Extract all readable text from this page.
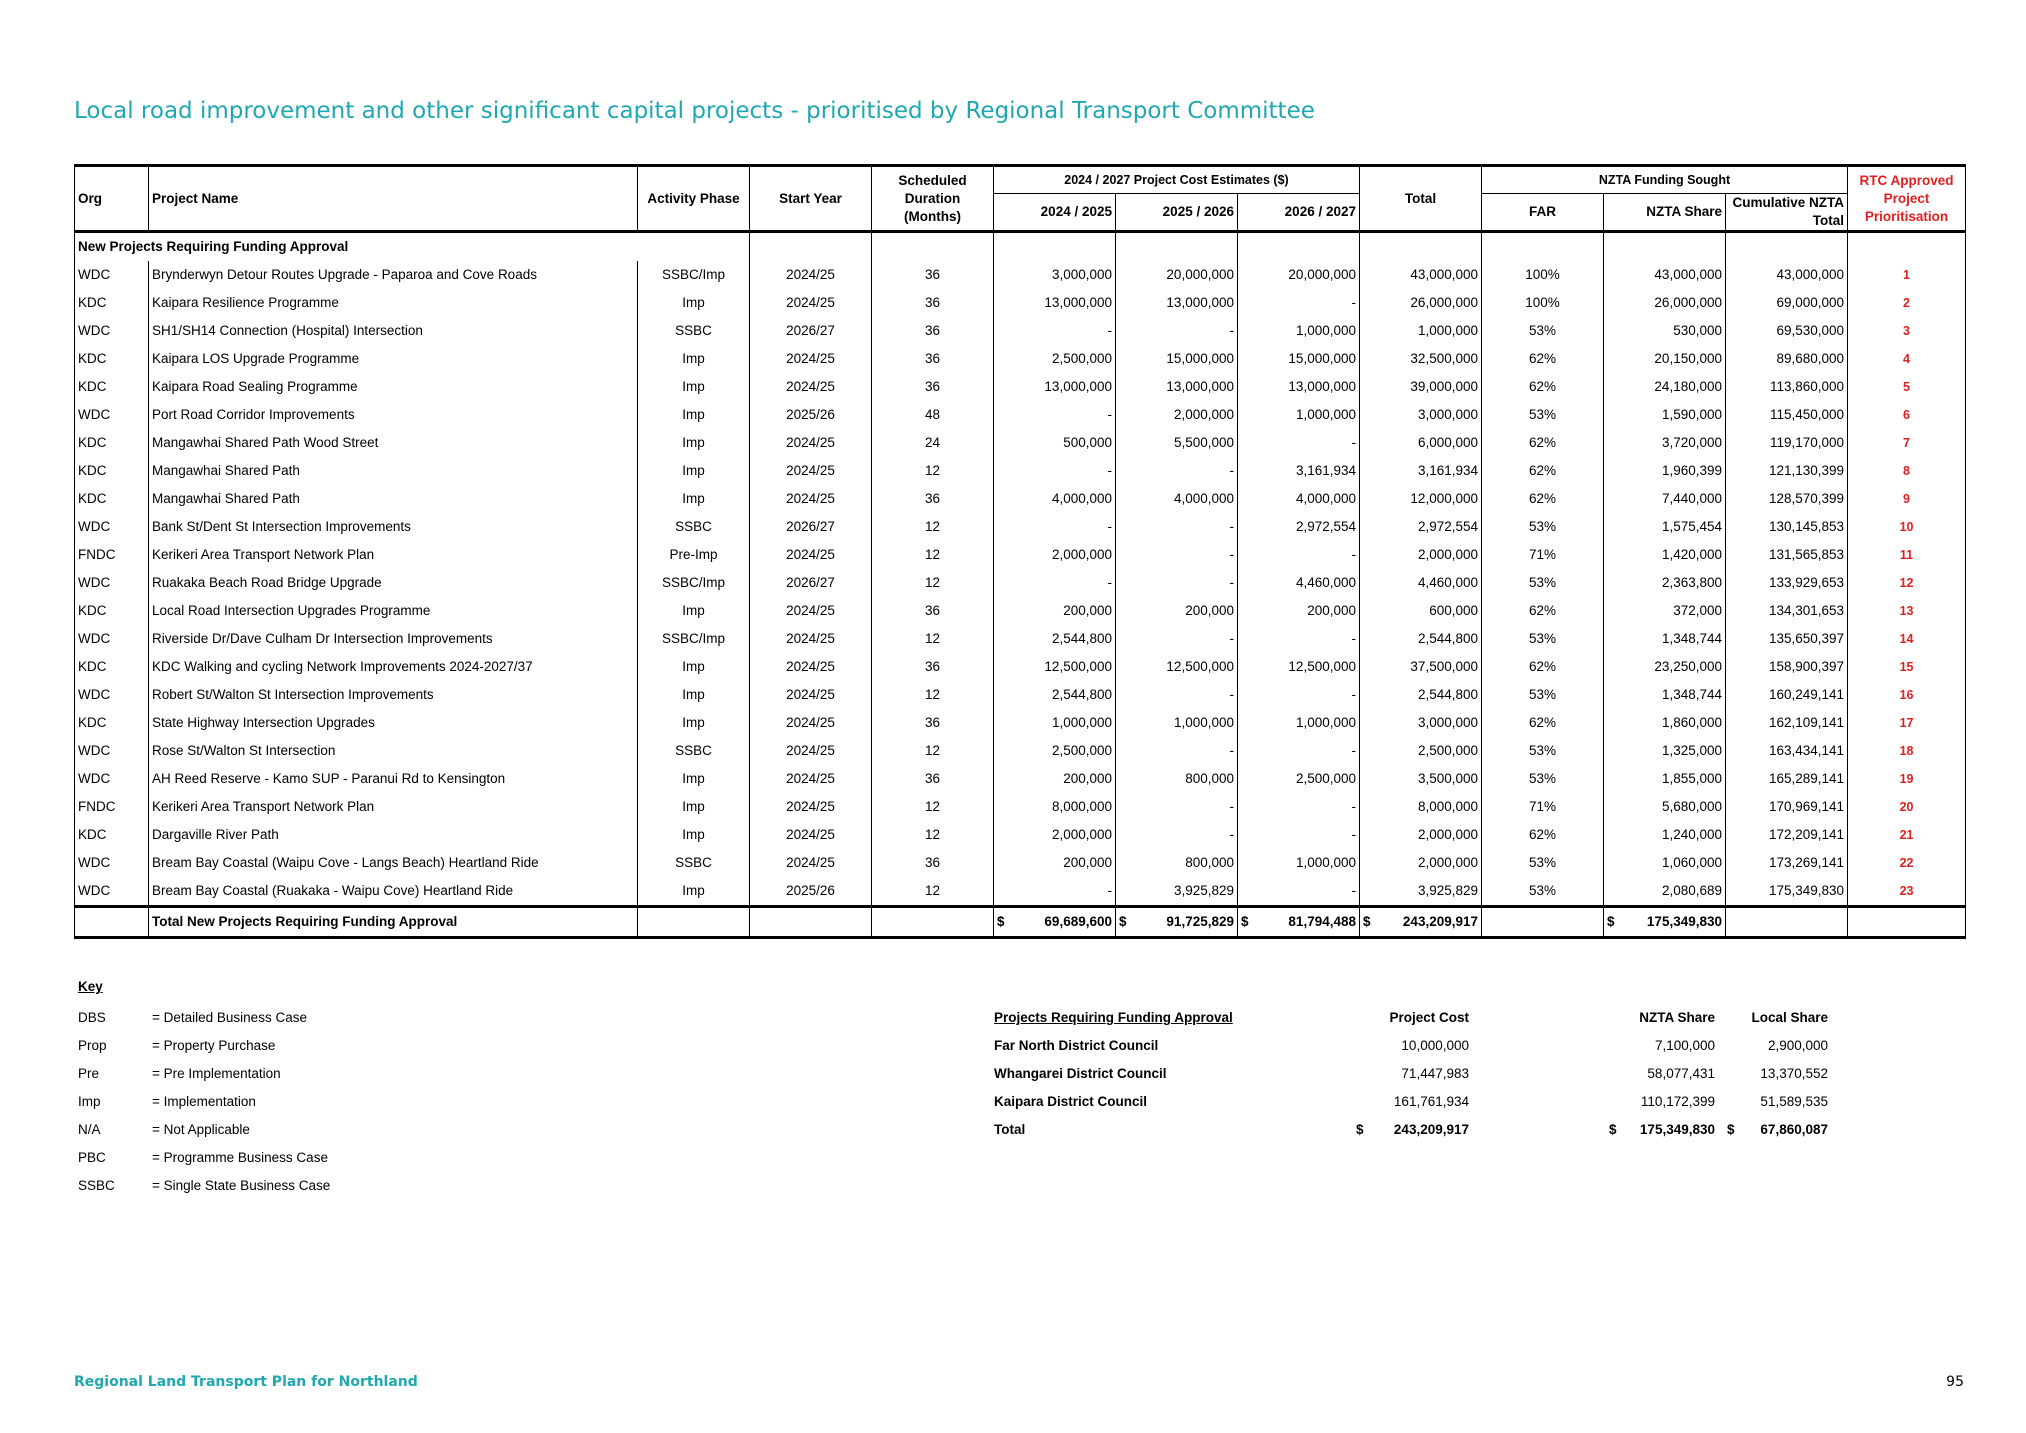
Local road improvement and other significant capital projects - prioritised by Regional Transport Committee
Org	Project Name	Activity Phase	Start Year	Scheduled Duration (Months)	2024 / 2027 Project Cost Estimates ($)			Total	NZTA Funding Sought			RTC Approved Project Prioritisation
					2024 / 2025	2025 / 2026	2026 / 2027		FAR	NZTA Share	Cumulative NZTA Total	
New Projects Requiring Funding Approval												
WDC	Brynderwyn Detour Routes Upgrade - Paparoa and Cove Roads	SSBC/Imp	2024/25	36	3,000,000	20,000,000	20,000,000	43,000,000	100%	43,000,000	43,000,000	1
KDC	Kaipara Resilience Programme	Imp	2024/25	36	13,000,000	13,000,000	-	26,000,000	100%	26,000,000	69,000,000	2
WDC	SH1/SH14 Connection (Hospital) Intersection	SSBC	2026/27	36	-	-	1,000,000	1,000,000	53%	530,000	69,530,000	3
KDC	Kaipara LOS Upgrade Programme	Imp	2024/25	36	2,500,000	15,000,000	15,000,000	32,500,000	62%	20,150,000	89,680,000	4
KDC	Kaipara Road Sealing Programme	Imp	2024/25	36	13,000,000	13,000,000	13,000,000	39,000,000	62%	24,180,000	113,860,000	5
WDC	Port Road Corridor Improvements	Imp	2025/26	48	-	2,000,000	1,000,000	3,000,000	53%	1,590,000	115,450,000	6
KDC	Mangawhai Shared Path Wood Street	Imp	2024/25	24	500,000	5,500,000	-	6,000,000	62%	3,720,000	119,170,000	7
KDC	Mangawhai Shared Path	Imp	2024/25	12	-	-	3,161,934	3,161,934	62%	1,960,399	121,130,399	8
KDC	Mangawhai Shared Path	Imp	2024/25	36	4,000,000	4,000,000	4,000,000	12,000,000	62%	7,440,000	128,570,399	9
WDC	Bank St/Dent St Intersection Improvements	SSBC	2026/27	12	-	-	2,972,554	2,972,554	53%	1,575,454	130,145,853	10
FNDC	Kerikeri Area Transport Network Plan	Pre-Imp	2024/25	12	2,000,000	-	-	2,000,000	71%	1,420,000	131,565,853	11
WDC	Ruakaka Beach Road Bridge Upgrade	SSBC/Imp	2026/27	12	-	-	4,460,000	4,460,000	53%	2,363,800	133,929,653	12
KDC	Local Road Intersection Upgrades Programme	Imp	2024/25	36	200,000	200,000	200,000	600,000	62%	372,000	134,301,653	13
WDC	Riverside Dr/Dave Culham Dr Intersection Improvements	SSBC/Imp	2024/25	12	2,544,800	-	-	2,544,800	53%	1,348,744	135,650,397	14
KDC	KDC Walking and cycling Network Improvements 2024-2027/37	Imp	2024/25	36	12,500,000	12,500,000	12,500,000	37,500,000	62%	23,250,000	158,900,397	15
WDC	Robert St/Walton St Intersection Improvements	Imp	2024/25	12	2,544,800	-	-	2,544,800	53%	1,348,744	160,249,141	16
KDC	State Highway Intersection Upgrades	Imp	2024/25	36	1,000,000	1,000,000	1,000,000	3,000,000	62%	1,860,000	162,109,141	17
WDC	Rose St/Walton St Intersection	SSBC	2024/25	12	2,500,000	-	-	2,500,000	53%	1,325,000	163,434,141	18
WDC	AH Reed Reserve - Kamo SUP - Paranui Rd to Kensington	Imp	2024/25	36	200,000	800,000	2,500,000	3,500,000	53%	1,855,000	165,289,141	19
FNDC	Kerikeri Area Transport Network Plan	Imp	2024/25	12	8,000,000	-	-	8,000,000	71%	5,680,000	170,969,141	20
KDC	Dargaville River Path	Imp	2024/25	12	2,000,000	-	-	2,000,000	62%	1,240,000	172,209,141	21
WDC	Bream Bay Coastal (Waipu Cove - Langs Beach) Heartland Ride	SSBC	2024/25	36	200,000	800,000	1,000,000	2,000,000	53%	1,060,000	173,269,141	22
WDC	Bream Bay Coastal (Ruakaka - Waipu Cove) Heartland Ride	Imp	2025/26	12	-	3,925,829	-	3,925,829	53%	2,080,689	175,349,830	23
	Total New Projects Requiring Funding Approval				$ 69,689,600	$ 91,725,829	$ 81,794,488	$ 243,209,917		$ 175,349,830		
Key
DBS	= Detailed Business Case
Prop	= Property Purchase
Pre	= Pre Implementation
Imp	= Implementation
N/A	= Not Applicable
PBC	= Programme Business Case
SSBC	= Single State Business Case
Projects Requiring Funding Approval	Project Cost	NZTA Share	Local Share
Far North District Council	10,000,000	7,100,000	2,900,000
Whangarei District Council	71,447,983	58,077,431	13,370,552
Kaipara District Council	161,761,934	110,172,399	51,589,535
Total	$ 243,209,917	$ 175,349,830 $ 67,860,087
Regional Land Transport Plan for Northland	95
